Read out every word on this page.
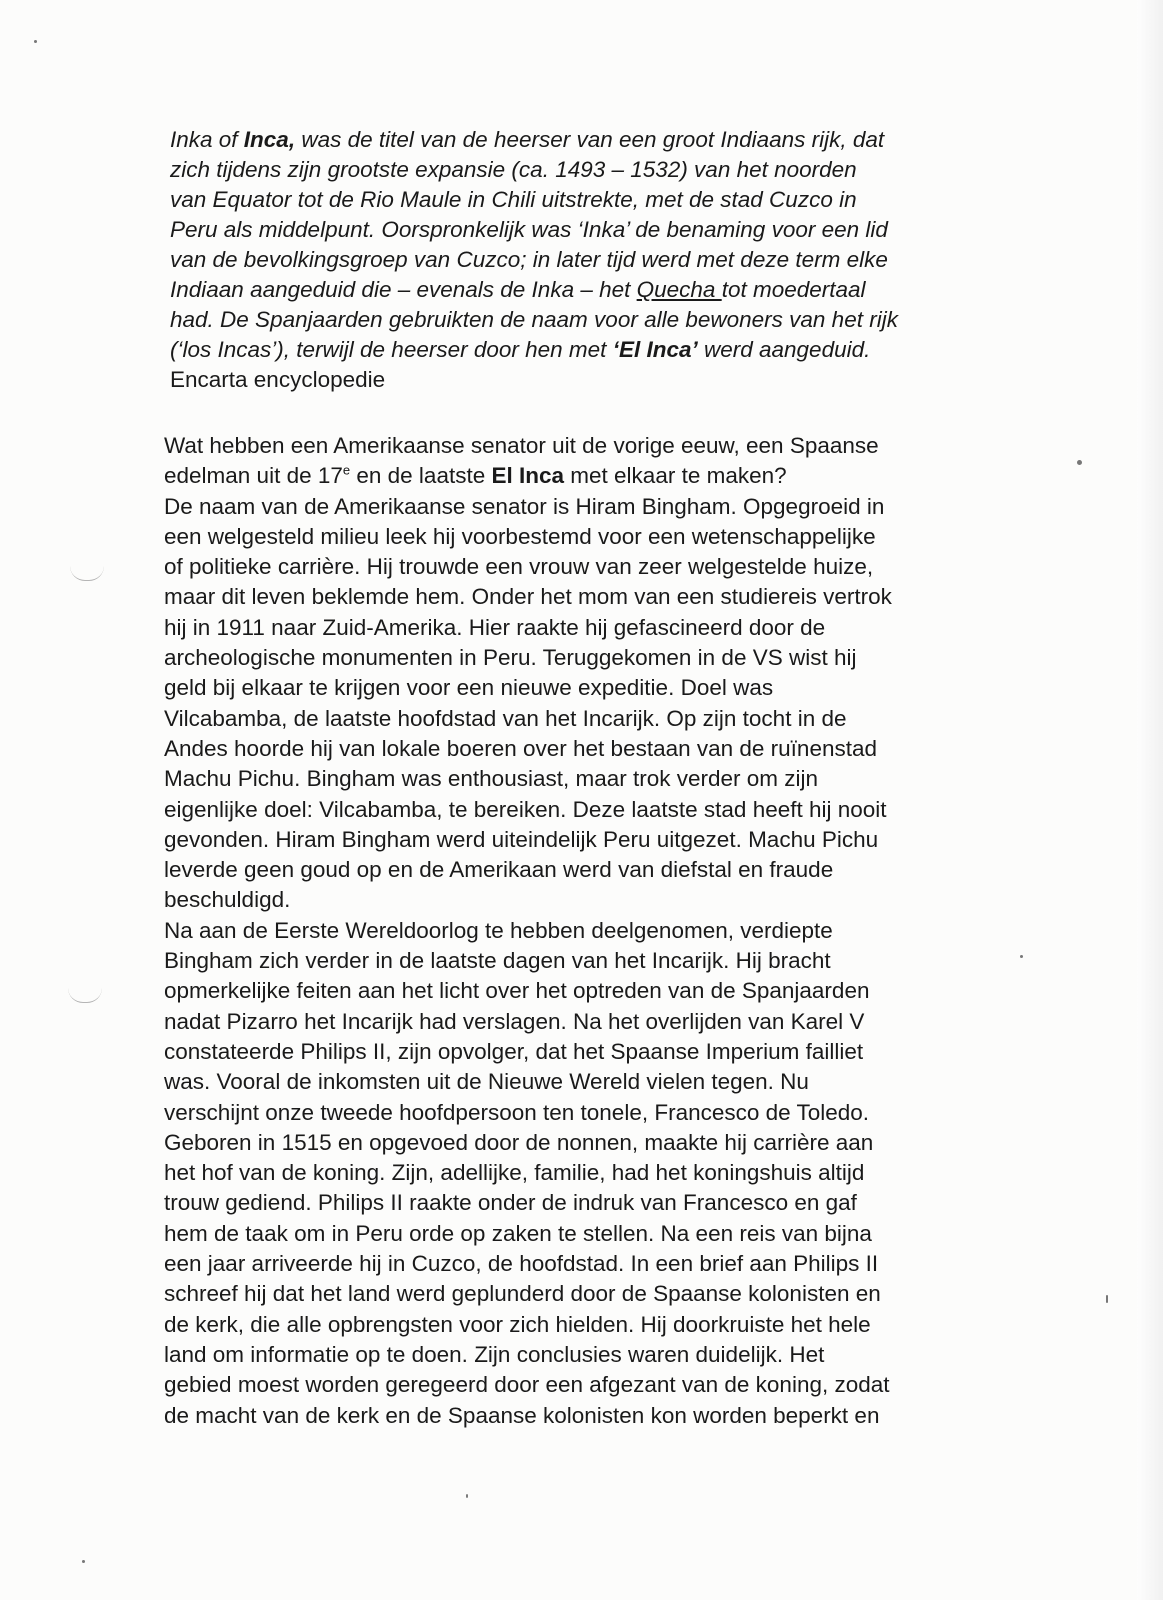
Inka of Inca, was de titel van de heerser van een groot Indiaans rijk, dat
zich tijdens zijn grootste expansie (ca. 1493 – 1532) van het noorden
van Equator tot de Rio Maule in Chili uitstrekte, met de stad Cuzco in
Peru als middelpunt. Oorspronkelijk was ‘Inka’ de benaming voor een lid
van de bevolkingsgroep van Cuzco; in later tijd werd met deze term elke
Indiaan aangeduid die – evenals de Inka – het Quecha tot moedertaal
had. De Spanjaarden gebruikten de naam voor alle bewoners van het rijk
(‘los Incas’), terwijl de heerser door hen met ‘El Inca’ werd aangeduid.
Encarta encyclopedie
Wat hebben een Amerikaanse senator uit de vorige eeuw, een Spaanse
edelman uit de 17e en de laatste El Inca met elkaar te maken?
De naam van de Amerikaanse senator is Hiram Bingham. Opgegroeid in
een welgesteld milieu leek hij voorbestemd voor een wetenschappelijke
of politieke carrière. Hij trouwde een vrouw van zeer welgestelde huize,
maar dit leven beklemde hem. Onder het mom van een studiereis vertrok
hij in 1911 naar Zuid-Amerika. Hier raakte hij gefascineerd door de
archeologische monumenten in Peru. Teruggekomen in de VS wist hij
geld bij elkaar te krijgen voor een nieuwe expeditie. Doel was
Vilcabamba, de laatste hoofdstad van het Incarijk. Op zijn tocht in de
Andes hoorde hij van lokale boeren over het bestaan van de ruïnenstad
Machu Pichu. Bingham was enthousiast, maar trok verder om zijn
eigenlijke doel: Vilcabamba, te bereiken. Deze laatste stad heeft hij nooit
gevonden. Hiram Bingham werd uiteindelijk Peru uitgezet. Machu Pichu
leverde geen goud op en de Amerikaan werd van diefstal en fraude
beschuldigd.
Na aan de Eerste Wereldoorlog te hebben deelgenomen, verdiepte
Bingham zich verder in de laatste dagen van het Incarijk. Hij bracht
opmerkelijke feiten aan het licht over het optreden van de Spanjaarden
nadat Pizarro het Incarijk had verslagen. Na het overlijden van Karel V
constateerde Philips II, zijn opvolger, dat het Spaanse Imperium failliet
was. Vooral de inkomsten uit de Nieuwe Wereld vielen tegen. Nu
verschijnt onze tweede hoofdpersoon ten tonele, Francesco de Toledo.
Geboren in 1515 en opgevoed door de nonnen, maakte hij carrière aan
het hof van de koning. Zijn, adellijke, familie, had het koningshuis altijd
trouw gediend. Philips II raakte onder de indruk van Francesco en gaf
hem de taak om in Peru orde op zaken te stellen. Na een reis van bijna
een jaar arriveerde hij in Cuzco, de hoofdstad. In een brief aan Philips II
schreef hij dat het land werd geplunderd door de Spaanse kolonisten en
de kerk, die alle opbrengsten voor zich hielden. Hij doorkruiste het hele
land om informatie op te doen. Zijn conclusies waren duidelijk. Het
gebied moest worden geregeerd door een afgezant van de koning, zodat
de macht van de kerk en de Spaanse kolonisten kon worden beperkt en
